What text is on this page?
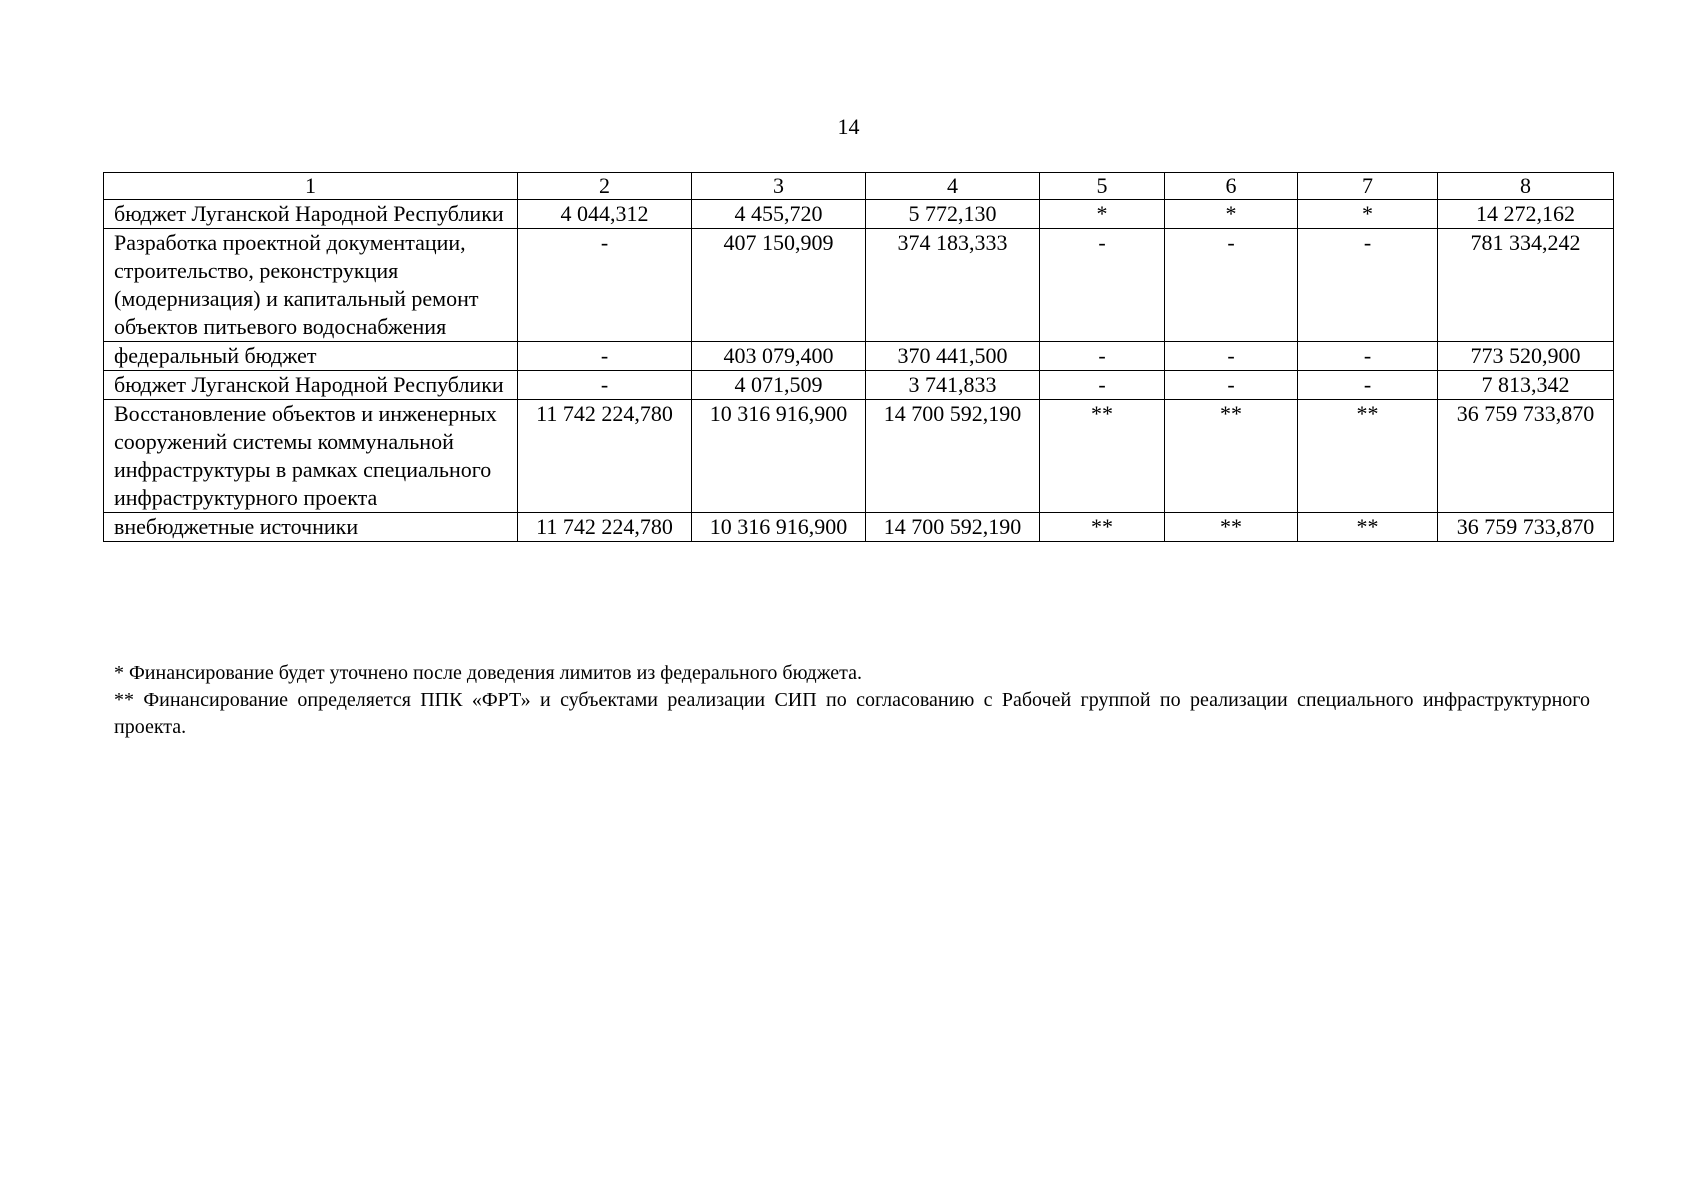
14
1	2	3	4	5	6	7	8
бюджет Луганской Народной Республики	4 044,312	4 455,720	5 772,130	*	*	*	14 272,162
Разработка проектной документации, строительство, реконструкция (модернизация) и капитальный ремонт объектов питьевого водоснабжения	-	407 150,909	374 183,333	-	-	-	781 334,242
федеральный бюджет	-	403 079,400	370 441,500	-	-	-	773 520,900
бюджет Луганской Народной Республики	-	4 071,509	3 741,833	-	-	-	7 813,342
Восстановление объектов и инженерных сооружений системы коммунальной инфраструктуры в рамках специального инфраструктурного проекта	11 742 224,780	10 316 916,900	14 700 592,190	**	**	**	36 759 733,870
внебюджетные источники	11 742 224,780	10 316 916,900	14 700 592,190	**	**	**	36 759 733,870

* Финансирование будет уточнено после доведения лимитов из федерального бюджета.

** Финансирование определяется ППК «ФРТ» и субъектами реализации СИП по согласованию с Рабочей группой по реализации специального инфраструктурного проекта.
